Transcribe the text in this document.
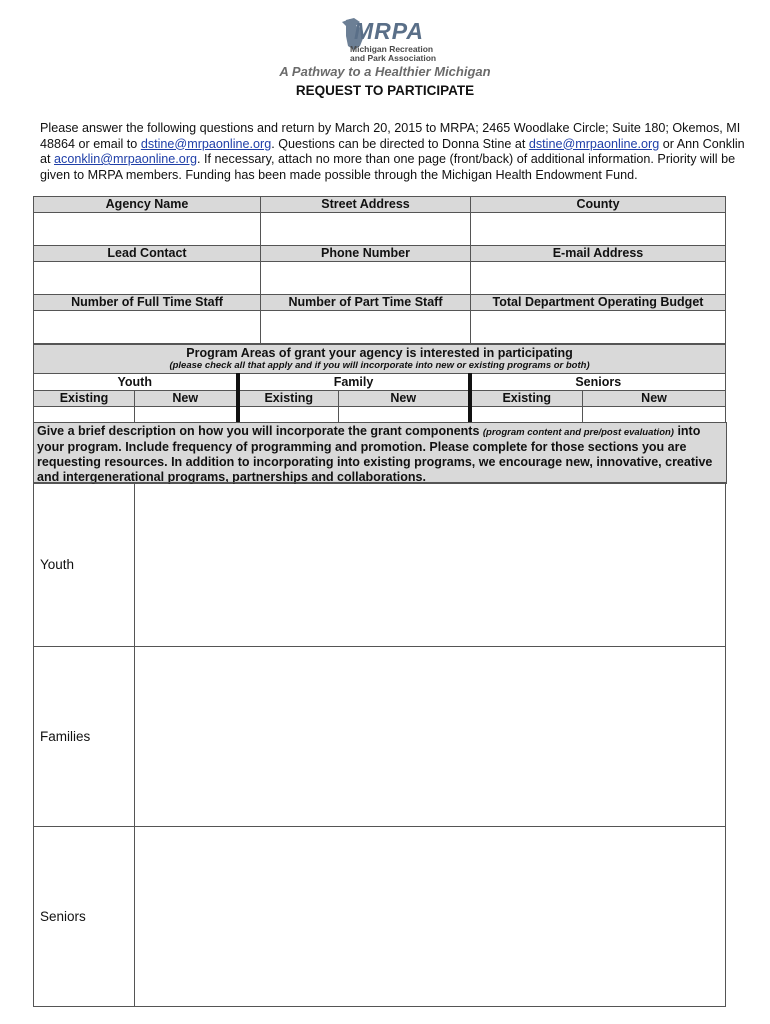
MRPA
Michigan Recreation
and Park Association
A Pathway to a Healthier Michigan
REQUEST TO PARTICIPATE
Please answer the following questions and return by March 20, 2015 to MRPA; 2465 Woodlake Circle; Suite 180; Okemos, MI 48864 or email to dstine@mrpaonline.org. Questions can be directed to Donna Stine at dstine@mrpaonline.org or Ann Conklin at aconklin@mrpaonline.org. If necessary, attach no more than one page (front/back) of additional information. Priority will be given to MRPA members. Funding has been made possible through the Michigan Health Endowment Fund.
Agency Name	Street Address	County

Lead Contact	Phone Number	E-mail Address

Number of Full Time Staff	Number of Part Time Staff	Total Department Operating Budget

Program Areas of grant your agency is interested in participating
(please check all that apply and if you will incorporate into new or existing programs or both)					

Youth		Family		Seniors	
Existing	New	Existing	New	Existing	New

Give a brief description on how you will incorporate the grant components (program content and pre/post evaluation) into your program. Include frequency of programming and promotion. Please complete for those sections you are requesting resources. In addition to incorporating into existing programs, we encourage new, innovative, creative and intergenerational programs, partnerships and collaborations.
Youth	
Families	
Seniors	
